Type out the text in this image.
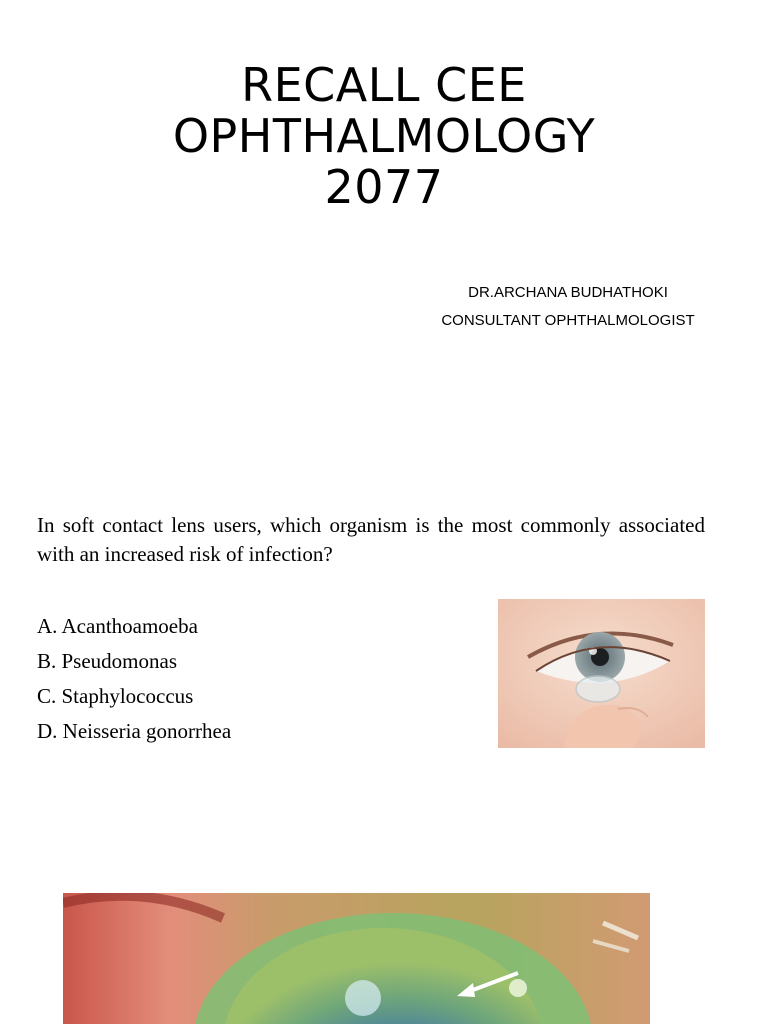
RECALL CEE
OPHTHALMOLOGY
2077
DR.ARCHANA BUDHATHOKI
CONSULTANT OPHTHALMOLOGIST
In soft contact lens users, which organism is the most commonly associated with an increased risk of infection?
A. Acanthoamoeba
B. Pseudomonas
C. Staphylococcus
D. Neisseria gonorrhea
